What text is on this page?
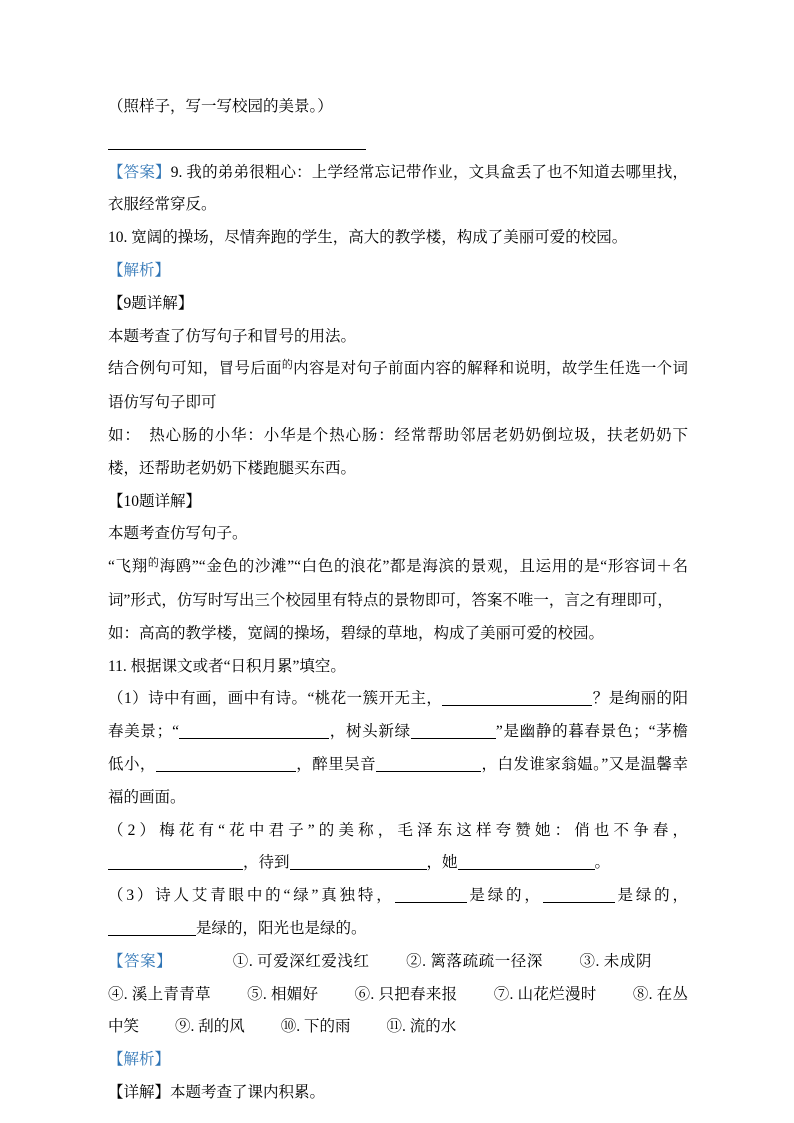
（照样子，写一写校园的美景。）
【答案】9. 我的弟弟很粗心：上学经常忘记带作业，文具盒丢了也不知道去哪里找，衣服经常穿反。
10. 宽阔的操场，尽情奔跑的学生，高大的教学楼，构成了美丽可爱的校园。
【解析】
【9题详解】
本题考查了仿写句子和冒号的用法。
结合例句可知，冒号后面$^的$内容是对句子前面内容的解释和说明，故学生任选一个词语仿写句子即可
如：　热心肠的小华：小华是个热心肠：经常帮助邻居老奶奶倒垃圾，扶老奶奶下楼，还帮助老奶奶下楼跑腿买东西。
【10题详解】
本题考查仿写句子。
“飞翔$^的$海鸥”“金色的沙滩”“白色的浪花”都是海滨的景观，且运用的是“形容词＋名词”形式，仿写时写出三个校园里有特点的景物即可，答案不唯一，言之有理即可，
如：高高的教学楼，宽阔的操场，碧绿的草地，构成了美丽可爱的校园。
11. 根据课文或者“日积月累”填空。
（1）诗中有画，画中有诗。“桃花一簇开无主，	？是绚丽的阳春美景；“	，树头新绿	”是幽静的暮春景色；“茅檐低小，	，醉里吴音	，白发谁家翁媪。”又是温馨幸福的画面。
（2）梅花有“花中君子”的美称，毛泽东这样夸赞她：俏也不争春，，待到	，她	。
（3）诗人艾青眼中的“绿”真独特，	是绿的，	是绿的，是绿的，阳光也是绿的。
【答案】	①. 可爱深红爱浅红 ②. 篱落疏疏一径深 ③. 未成阴④. 溪上青青草 ⑤. 相媚好 ⑥. 只把春来报 ⑦. 山花烂漫时 ⑧. 在丛中笑 ⑨. 刮的风 ⑩. 下的雨 ⑪. 流的水
【解析】
【详解】本题考查了课内积累。
